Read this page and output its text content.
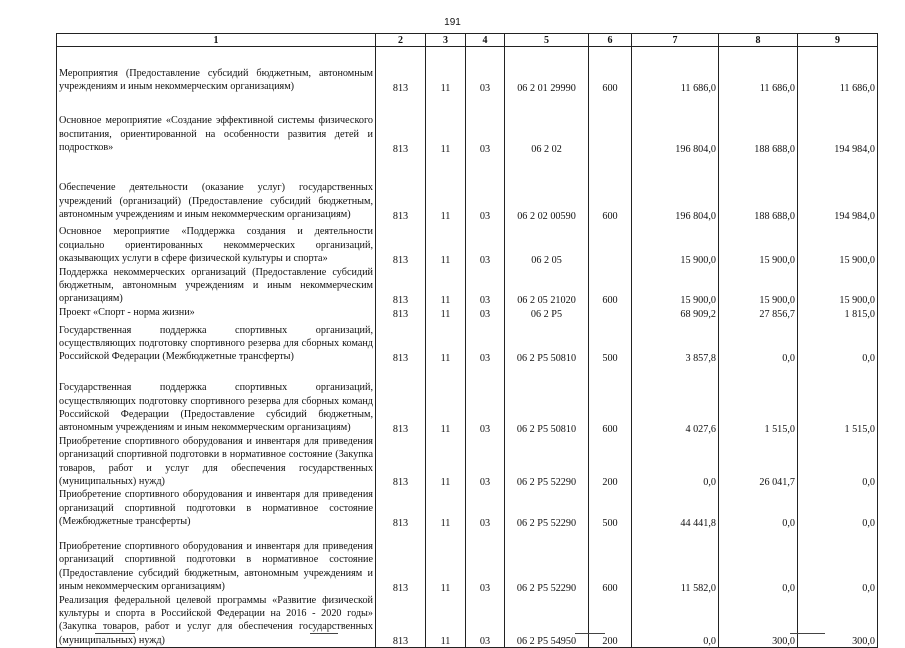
191
1	2	3	4	5	6	7	8	9
Мероприятия (Предоставление субсидий бюджетным, автономным учреждениям и иным некоммерческим организациям)	813	11	03	06 2 01 29990	600	11 686,0	11 686,0	11 686,0
Основное мероприятие «Создание эффективной системы физического воспитания, ориентированной на особенности развития детей и подростков»	813	11	03	06 2 02		196 804,0	188 688,0	194 984,0
Обеспечение деятельности (оказание услуг) государственных учреждений (организаций) (Предоставление субсидий бюджетным, автономным учреждениям и иным некоммерческим организациям)	813	11	03	06 2 02 00590	600	196 804,0	188 688,0	194 984,0
Основное мероприятие «Поддержка создания и деятельности социально ориентированных некоммерческих организаций, оказывающих услуги в сфере физической культуры и спорта»	813	11	03	06 2 05		15 900,0	15 900,0	15 900,0
Поддержка некоммерческих организаций (Предоставление субсидий бюджетным, автономным учреждениям и иным некоммерческим организациям)	813	11	03	06 2 05 21020	600	15 900,0	15 900,0	15 900,0
Проект «Спорт - норма жизни»	813	11	03	06 2 P5		68 909,2	27 856,7	1 815,0
Государственная поддержка спортивных организаций, осуществляющих подготовку спортивного резерва для сборных команд Российской Федерации (Межбюджетные трансферты)	813	11	03	06 2 P5 50810	500	3 857,8	0,0	0,0
Государственная поддержка спортивных организаций, осуществляющих подготовку спортивного резерва для сборных команд Российской Федерации (Предоставление субсидий бюджетным, автономным учреждениям и иным некоммерческим организациям)	813	11	03	06 2 P5 50810	600	4 027,6	1 515,0	1 515,0
Приобретение спортивного оборудования и инвентаря для приведения организаций спортивной подготовки в нормативное состояние (Закупка товаров, работ и услуг для обеспечения государственных (муниципальных) нужд)	813	11	03	06 2 P5 52290	200	0,0	26 041,7	0,0
Приобретение спортивного оборудования и инвентаря для приведения организаций спортивной подготовки в нормативное состояние (Межбюджетные трансферты)	813	11	03	06 2 P5 52290	500	44 441,8	0,0	0,0
Приобретение спортивного оборудования и инвентаря для приведения организаций спортивной подготовки в нормативное состояние (Предоставление субсидий бюджетным, автономным учреждениям и иным некоммерческим организациям)	813	11	03	06 2 P5 52290	600	11 582,0	0,0	0,0
Реализация федеральной целевой программы «Развитие физической культуры и спорта в Российской Федерации на 2016 - 2020 годы» (Закупка товаров, работ и услуг для обеспечения государственных (муниципальных) нужд)	813	11	03	06 2 P5 54950	200	0,0	300,0	300,0
